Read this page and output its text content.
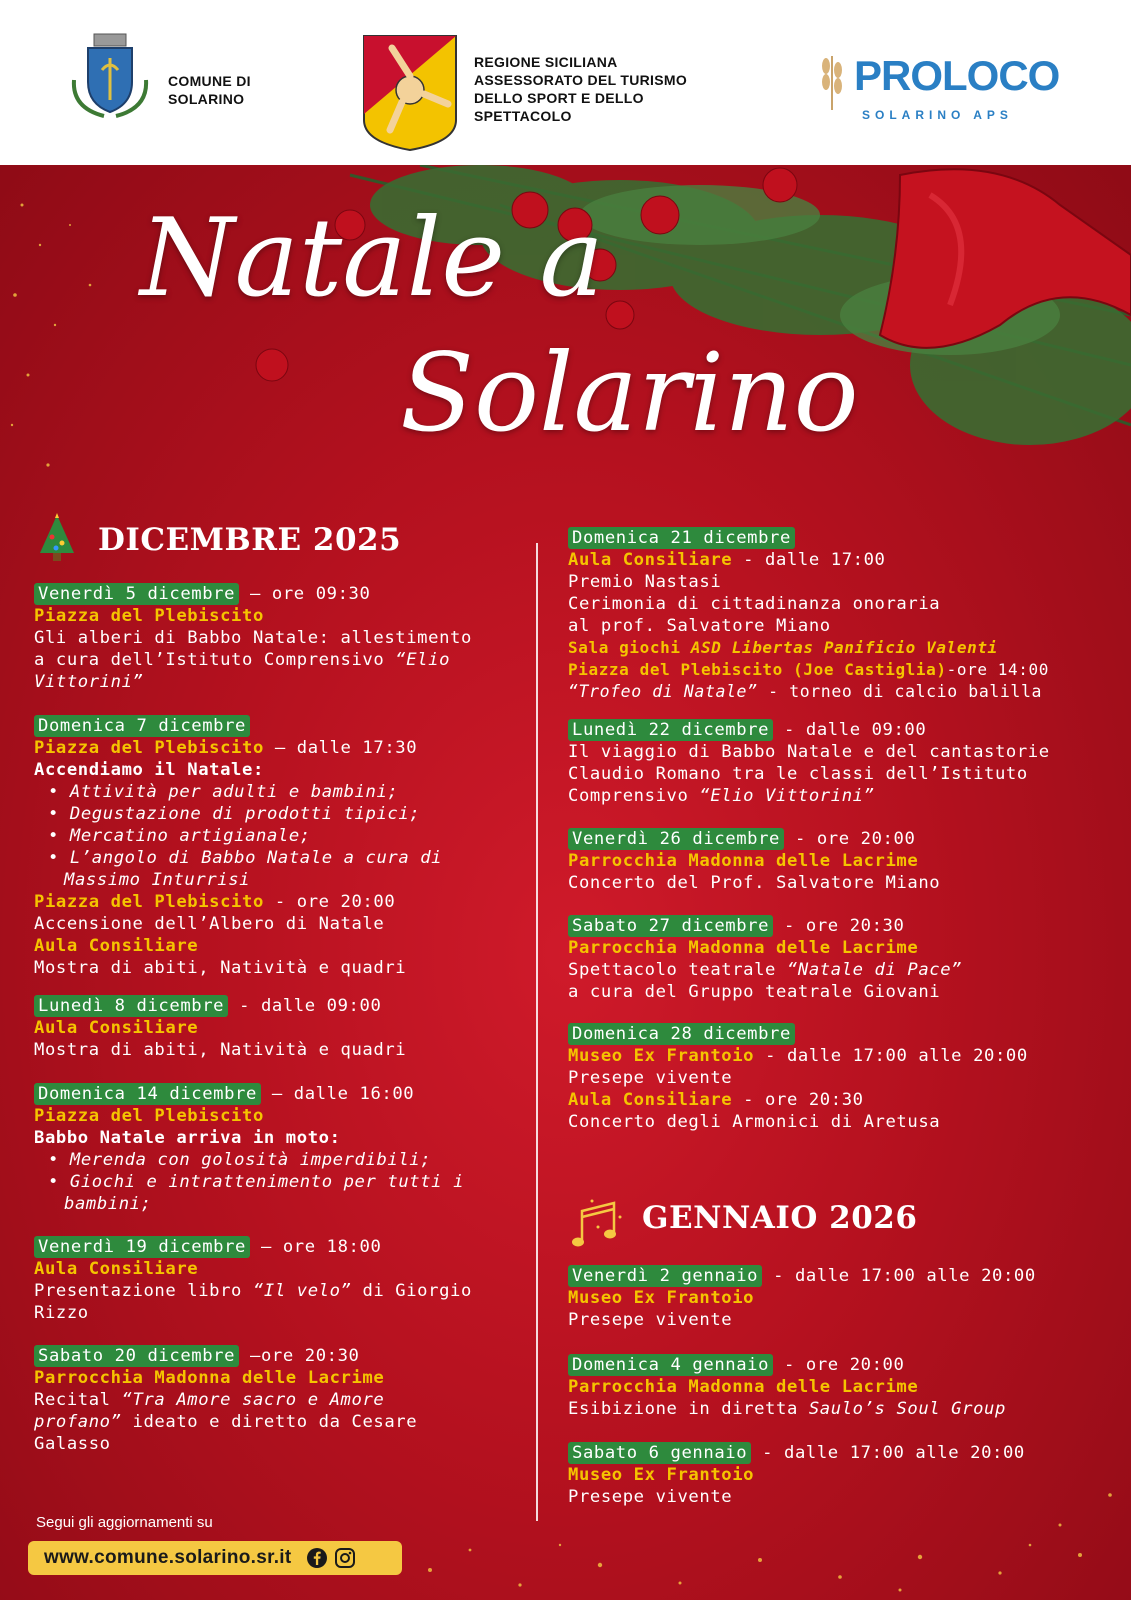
COMUNE DI
SOLARINO
REGIONE SICILIANA
ASSESSORATO DEL TURISMO
DELLO SPORT E DELLO
SPETTACOLO
PROLOCO
SOLARINO APS
Natale a
Solarino
DICEMBRE 2025
Venerdì 5 dicembre – ore 09:30
Piazza del Plebiscito
Gli alberi di Babbo Natale: allestimento
a cura dell’Istituto Comprensivo “Elio
Vittorini”
Domenica 7 dicembre
Piazza del Plebiscito – dalle 17:30
Accendiamo il Natale:
• Attività per adulti e bambini;
• Degustazione di prodotti tipici;
• Mercatino artigianale;
• L’angolo di Babbo Natale a cura di
Massimo Inturrisi
Piazza del Plebiscito - ore 20:00
Accensione dell’Albero di Natale
Aula Consiliare
Mostra di abiti, Natività e quadri
Lunedì 8 dicembre - dalle 09:00
Aula Consiliare
Mostra di abiti, Natività e quadri
Domenica 14 dicembre – dalle 16:00
Piazza del Plebiscito
Babbo Natale arriva in moto:
• Merenda con golosità imperdibili;
• Giochi e intrattenimento per tutti i
bambini;
Venerdì 19 dicembre – ore 18:00
Aula Consiliare
Presentazione libro “Il velo” di Giorgio
Rizzo
Sabato 20 dicembre –ore 20:30
Parrocchia Madonna delle Lacrime
Recital “Tra Amore sacro e Amore
profano” ideato e diretto da Cesare
Galasso
Domenica 21 dicembre
Aula Consiliare - dalle 17:00
Premio Nastasi
Cerimonia di cittadinanza onoraria
al prof. Salvatore Miano
Sala giochi ASD Libertas Panificio Valenti
Piazza del Plebiscito (Joe Castiglia)-ore 14:00
“Trofeo di Natale” - torneo di calcio balilla
Lunedì 22 dicembre - dalle 09:00
Il viaggio di Babbo Natale e del cantastorie
Claudio Romano tra le classi dell’Istituto
Comprensivo “Elio Vittorini”
Venerdì 26 dicembre - ore 20:00
Parrocchia Madonna delle Lacrime
Concerto del Prof. Salvatore Miano
Sabato 27 dicembre - ore 20:30
Parrocchia Madonna delle Lacrime
Spettacolo teatrale “Natale di Pace”
a cura del Gruppo teatrale Giovani
Domenica 28 dicembre
Museo Ex Frantoio - dalle 17:00 alle 20:00
Presepe vivente
Aula Consiliare - ore 20:30
Concerto degli Armonici di Aretusa
GENNAIO 2026
Venerdì 2 gennaio - dalle 17:00 alle 20:00
Museo Ex Frantoio
Presepe vivente
Domenica 4 gennaio - ore 20:00
Parrocchia Madonna delle Lacrime
Esibizione in diretta Saulo’s Soul Group
Sabato 6 gennaio - dalle 17:00 alle 20:00
Museo Ex Frantoio
Presepe vivente
Segui gli aggiornamenti su
www.comune.solarino.sr.it
